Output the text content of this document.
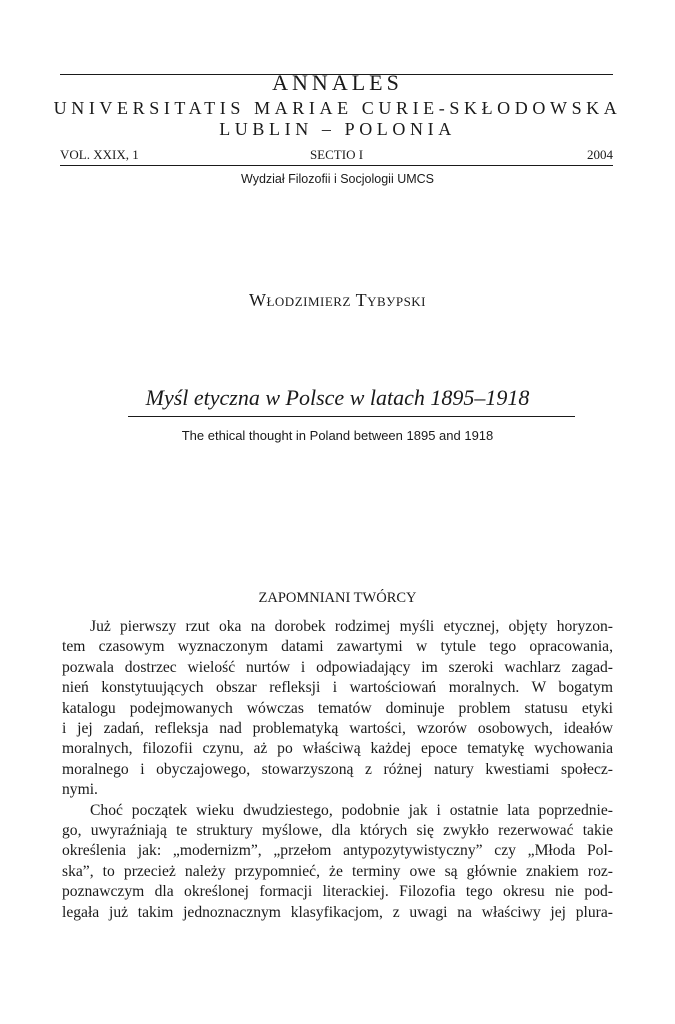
ANNALES
UNIVERSITATIS MARIAE CURIE-SKŁODOWSKA
LUBLIN – POLONIA
VOL. XXIX, 1	SECTIO I	2004
Wydział Filozofii i Socjologii UMCS
Włodzimierz Tybурski
Myśl etyczna w Polsce w latach 1895–1918
The ethical thought in Poland between 1895 and 1918
ZAPOMNIANI TWÓRCY
Już pierwszy rzut oka na dorobek rodzimej myśli etycznej, objęty horyzon-
tem czasowym wyznaczonym datami zawartymi w tytule tego opracowania,
pozwala dostrzec wielość nurtów i odpowiadający im szeroki wachlarz zagad-
nień konstytuujących obszar refleksji i wartościowań moralnych. W bogatym
katalogu podejmowanych wówczas tematów dominuje problem statusu etyki
i jej zadań, refleksja nad problematyką wartości, wzorów osobowych, ideałów
moralnych, filozofii czynu, aż po właściwą każdej epoce tematykę wychowania
moralnego i obyczajowego, stowarzyszoną z różnej natury kwestiami społecz-
nymi.
Choć początek wieku dwudziestego, podobnie jak i ostatnie lata poprzednie-
go, uwyraźniają te struktury myślowe, dla których się zwykło rezerwować takie
określenia jak: „modernizm”, „przełom antypozytywistyczny” czy „Młoda Pol-
ska”, to przecież należy przypomnieć, że terminy owe są głównie znakiem roz-
poznawczym dla określonej formacji literackiej. Filozofia tego okresu nie pod-
legała już takim jednoznacznym klasyfikacjom, z uwagi na właściwy jej plura-
